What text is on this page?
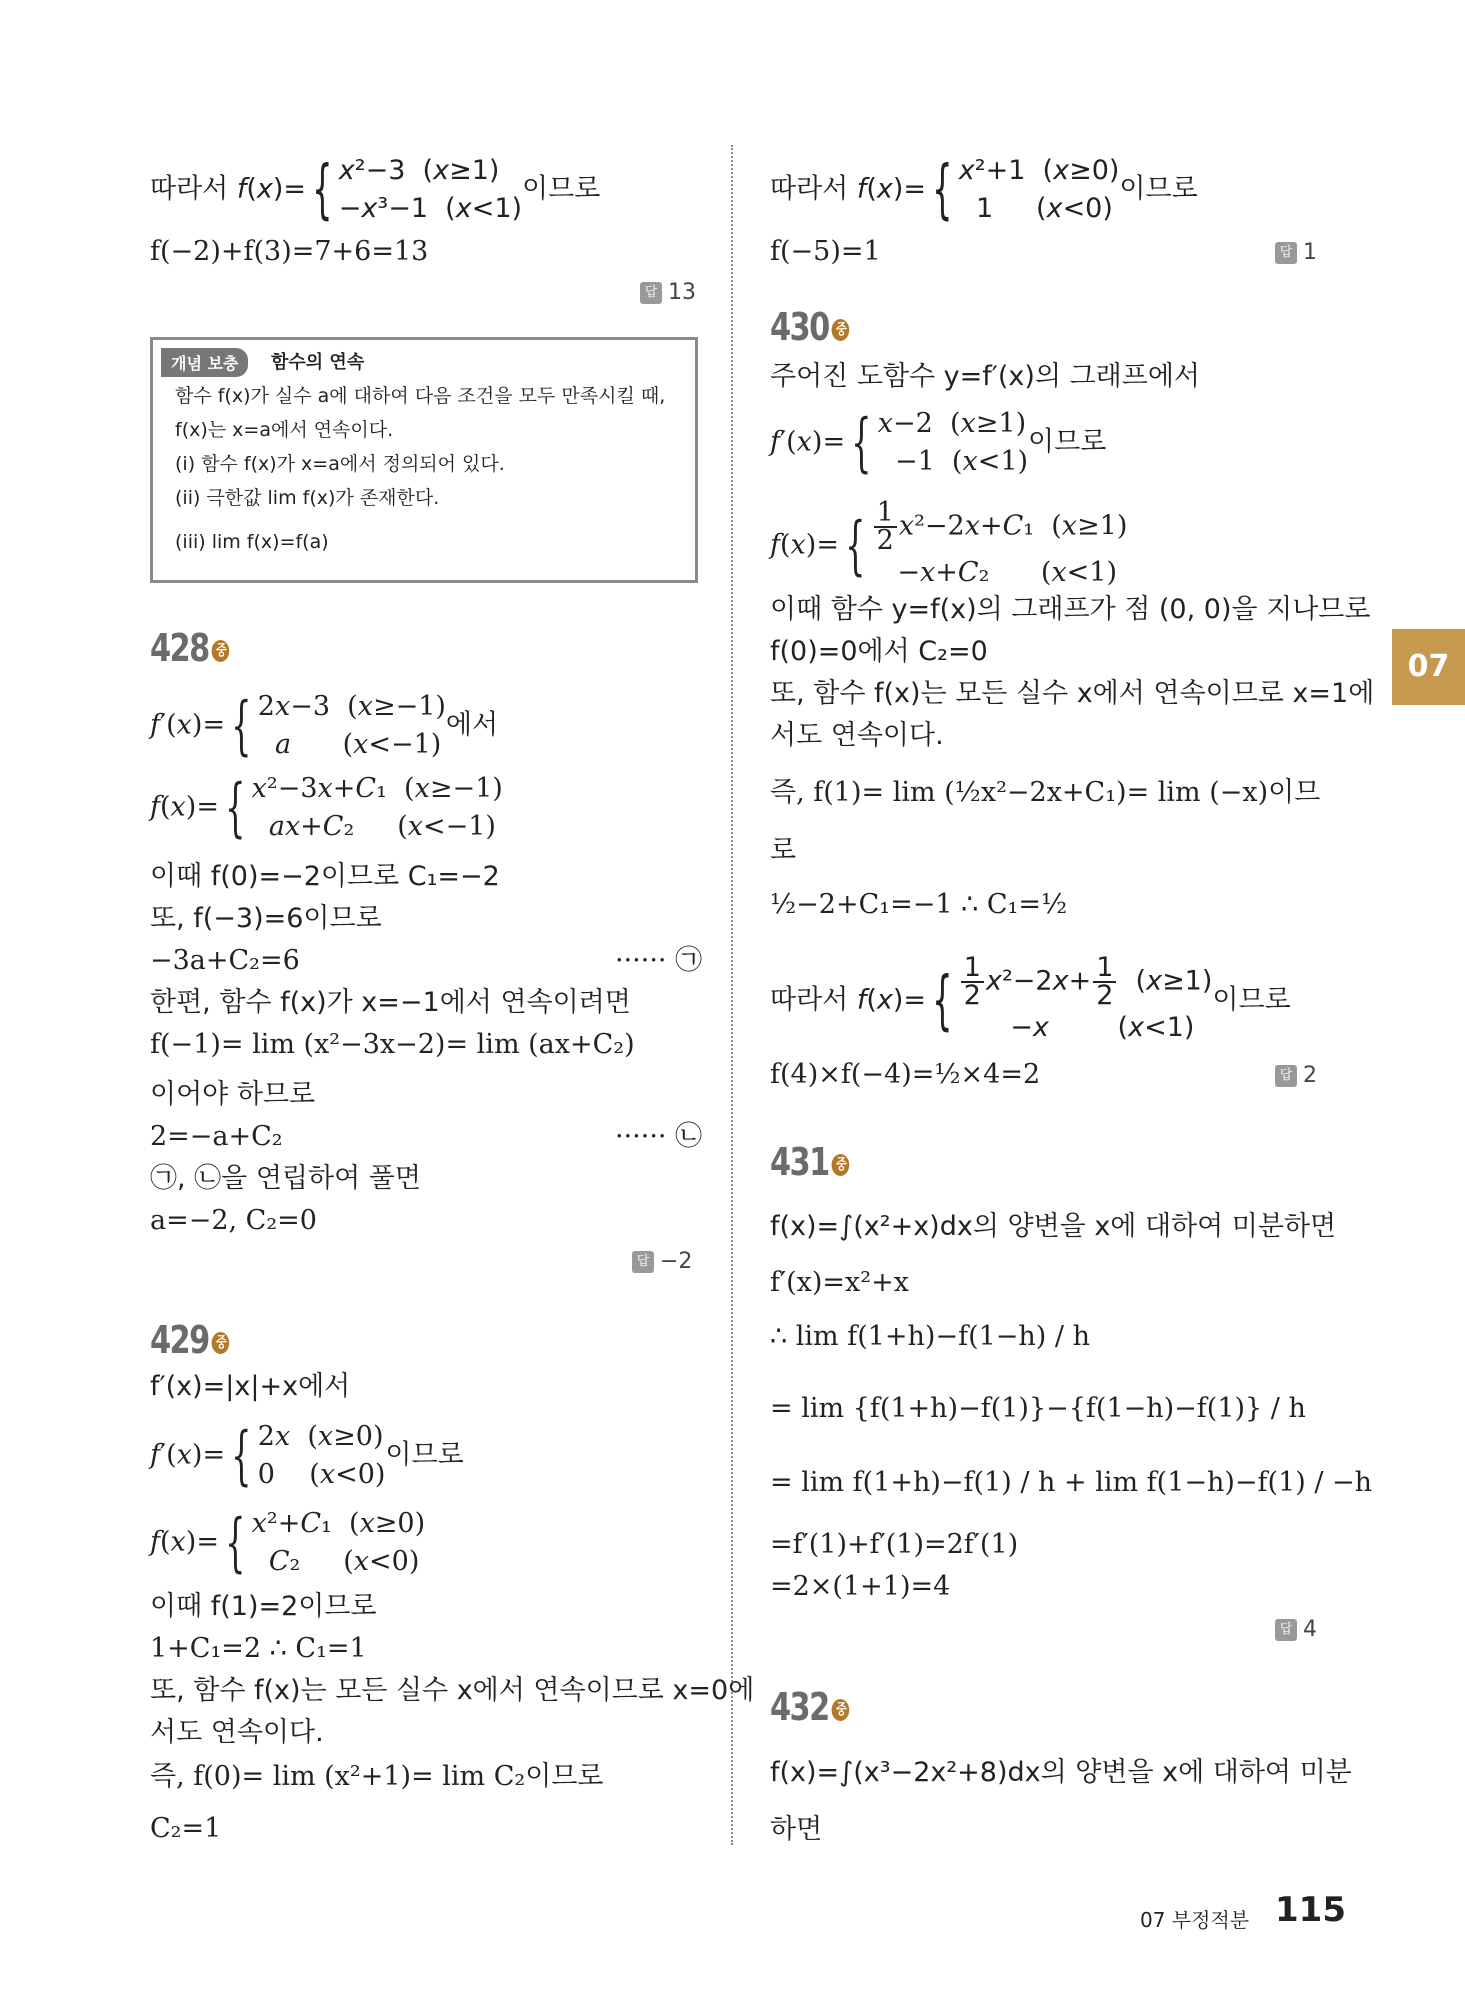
따라서 f(x)={ x²−3  (x≥1)
−x³−1  (x<1)
이므로
f(−2)+f(3)=7+6=13
답 13
개념 보충	함수의 연속
함수 f(x)가 실수 a에 대하여 다음 조건을 모두 만족시킬 때,
f(x)는 x=a에서 연속이다.
(i) 함수 f(x)가 x=a에서 정의되어 있다.
(ii) 극한값 lim f(x)가 존재한다.
(iii) lim f(x)=f(a)
428 중
f′(x)={ 2x−3  (x≥−1)
a      (x<−1)
에서
f(x)={ x²−3x+C₁  (x≥−1)
ax+C₂     (x<−1)
이때 f(0)=−2이므로 C₁=−2
또, f(−3)=6이므로
−3a+C₂=6	······ ㉠
한편, 함수 f(x)가 x=−1에서 연속이려면
f(−1)= lim (x²−3x−2)= lim (ax+C₂)
이어야 하므로
2=−a+C₂	······ ㉡
㉠, ㉡을 연립하여 풀면
a=−2, C₂=0
답 −2
429 중
f′(x)=|x|+x에서
f′(x)={ 2x  (x≥0)
0    (x<0)
이므로
f(x)={ x²+C₁  (x≥0)
C₂     (x<0)
이때 f(1)=2이므로
1+C₁=2 ∴ C₁=1
또, 함수 f(x)는 모든 실수 x에서 연속이므로 x=0에
서도 연속이다.
즉, f(0)= lim (x²+1)= lim C₂이므로
C₂=1
따라서 f(x)={ x²+1  (x≥0)
1     (x<0)
이므로
f(−5)=1	답 1
430 중
주어진 도함수 y=f′(x)의 그래프에서
f′(x)={ x−2  (x≥1)
−1  (x<1)
이므로
$f(x)=\{ \frac{1}{2} x^2-2x+C_1$  (x≥1)
−x+C₂      (x<1)
이때 함수 y=f(x)의 그래프가 점 (0, 0)을 지나므로
f(0)=0에서 C₂=0
또, 함수 f(x)는 모든 실수 x에서 연속이므로 x=1에
서도 연속이다.
즉, f(1)= lim (½x²−2x+C₁)= lim (−x)이므
로
½−2+C₁=−1 ∴ C₁=½
따라서 $f(x)=\{ \frac{1}{2} x^2-2x+ \frac{1}{2} (x\ge 1)$
−x        (x<1)
이므로
f(4)×f(−4)=½×4=2	답 2
431 중
f(x)=∫(x²+x)dx의 양변을 x에 대하여 미분하면
f′(x)=x²+x
∴ lim f(1+h)−f(1−h) / h
= lim {f(1+h)−f(1)}−{f(1−h)−f(1)} / h
= lim f(1+h)−f(1) / h + lim f(1−h)−f(1) / −h
=f′(1)+f′(1)=2f′(1)
=2×(1+1)=4
답 4
432 중
f(x)=∫(x³−2x²+8)dx의 양변을 x에 대하여 미분
하면
07
07 부정적분 115
